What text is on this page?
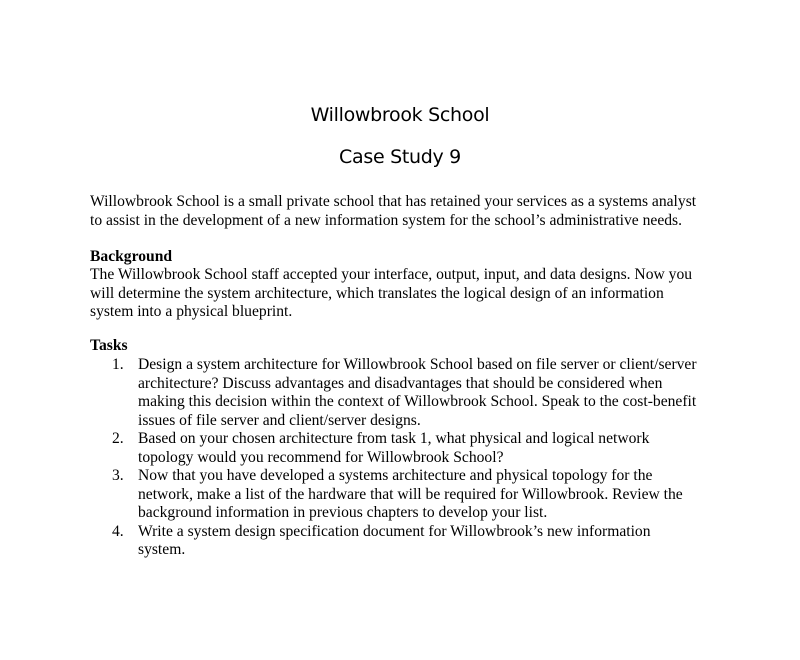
Willowbrook School
Case Study 9
Willowbrook School is a small private school that has retained your services as a systems analyst
to assist in the development of a new information system for the school’s administrative needs.
Background
The Willowbrook School staff accepted your interface, output, input, and data designs. Now you
will determine the system architecture, which translates the logical design of an information
system into a physical blueprint.
Tasks
1. Design a system architecture for Willowbrook School based on file server or client/server
architecture? Discuss advantages and disadvantages that should be considered when
making this decision within the context of Willowbrook School. Speak to the cost-benefit
issues of file server and client/server designs.
2. Based on your chosen architecture from task 1, what physical and logical network
topology would you recommend for Willowbrook School?
3. Now that you have developed a systems architecture and physical topology for the
network, make a list of the hardware that will be required for Willowbrook. Review the
background information in previous chapters to develop your list.
4. Write a system design specification document for Willowbrook’s new information
system.
